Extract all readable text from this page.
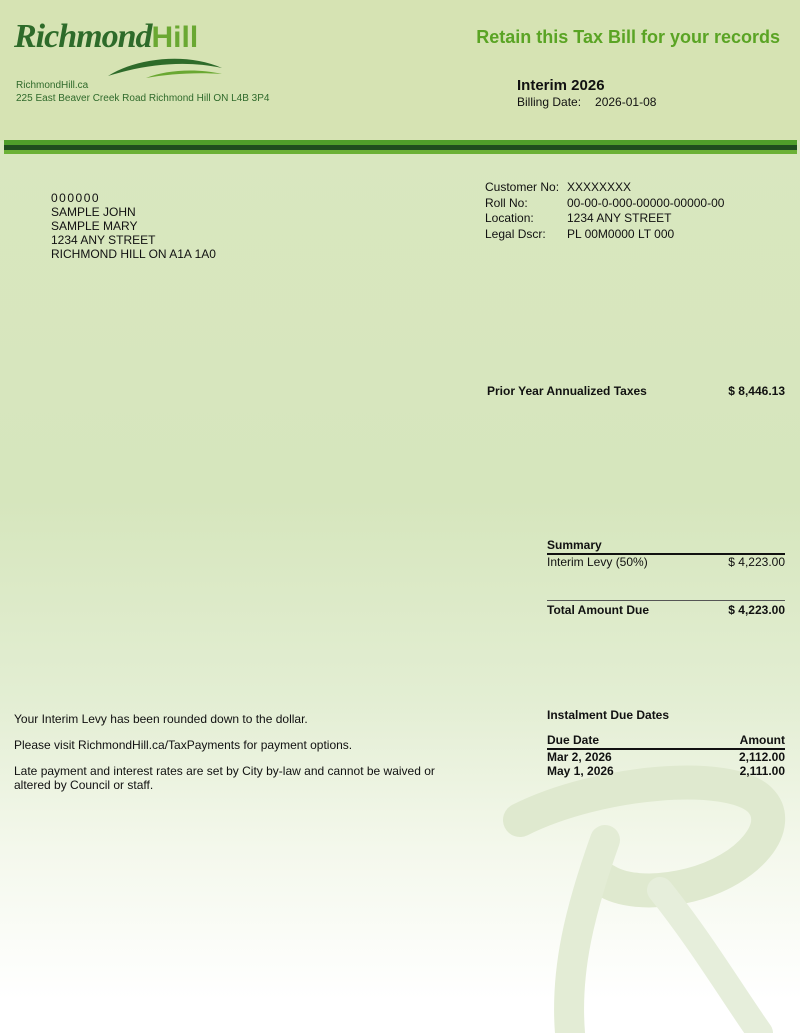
RichmondHill
RichmondHill.ca
225 East Beaver Creek Road Richmond Hill ON L4B 3P4
Retain this Tax Bill for your records
Interim 2026
Billing Date: 2026-01-08
000000
SAMPLE JOHN
SAMPLE MARY
1234 ANY STREET
RICHMOND HILL ON A1A 1A0
Customer No: XXXXXXXX
Roll No:	00-00-0-000-00000-00000-00
Location:	1234 ANY STREET
Legal Dscr:	PL 00M0000 LT 000
Prior Year Annualized Taxes	$ 8,446.13
Summary
Interim Levy (50%)	$ 4,223.00
Total Amount Due	$ 4,223.00

Your Interim Levy has been rounded down to the dollar.

Please visit RichmondHill.ca/TaxPayments for payment options.

Late payment and interest rates are set by City by-law and cannot be waived or altered by Council or staff.

Instalment Due Dates
Due Date	Amount
Mar 2, 2026	2,112.00
May 1, 2026	2,111.00
